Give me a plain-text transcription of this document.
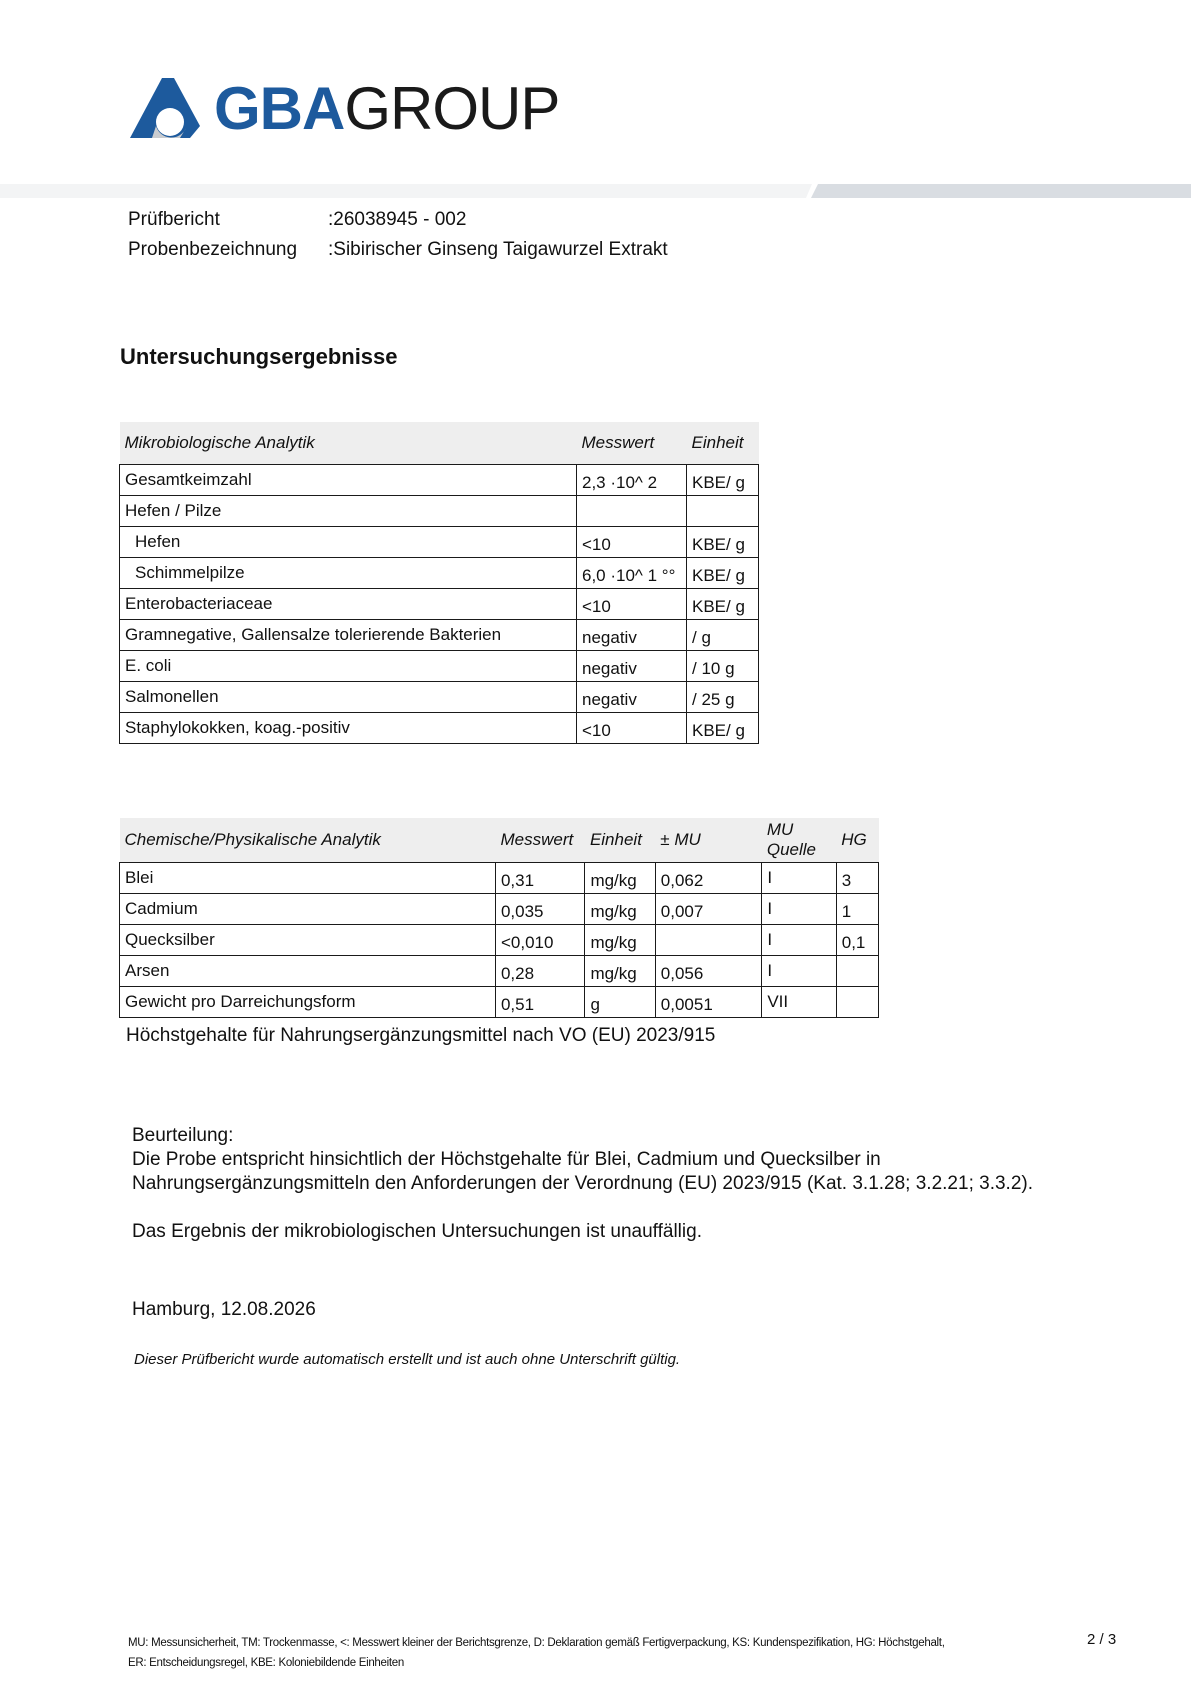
GBAGROUP
Prüfbericht	:26038945 - 002
Probenbezeichnung :Sibirischer Ginseng Taigawurzel Extrakt
Untersuchungsergebnisse
Mikrobiologische Analytik	Messwert	Einheit
Gesamtkeimzahl	2,3 ·10^ 2	KBE/ g
Hefen / Pilze		
Hefen	<10	KBE/ g
Schimmelpilze	6,0 ·10^ 1 °°	KBE/ g
Enterobacteriaceae	<10	KBE/ g
Gramnegative, Gallensalze tolerierende Bakterien	negativ	/ g
E. coli	negativ	/ 10 g
Salmonellen	negativ	/ 25 g
Staphylokokken, koag.-positiv	<10	KBE/ g
Chemische/Physikalische Analytik	Messwert	Einheit	± MU	MU
Quelle	HG
Blei	0,31	mg/kg	0,062	I	3
Cadmium	0,035	mg/kg	0,007	I	1
Quecksilber	<0,010	mg/kg		I	0,1
Arsen	0,28	mg/kg	0,056	I	
Gewicht pro Darreichungsform	0,51	g	0,0051	VII	
Höchstgehalte für Nahrungsergänzungsmittel nach VO (EU) 2023/915
Beurteilung:
Die Probe entspricht hinsichtlich der Höchstgehalte für Blei, Cadmium und Quecksilber in
Nahrungsergänzungsmitteln den Anforderungen der Verordnung (EU) 2023/915 (Kat. 3.1.28; 3.2.21; 3.3.2).
Das Ergebnis der mikrobiologischen Untersuchungen ist unauffällig.
Hamburg, 12.08.2026
Dieser Prüfbericht wurde automatisch erstellt und ist auch ohne Unterschrift gültig.
MU: Messunsicherheit, TM: Trockenmasse, <: Messwert kleiner der Berichtsgrenze, D: Deklaration gemäß Fertigverpackung, KS: Kundenspezifikation, HG: Höchstgehalt,
ER: Entscheidungsregel, KBE: Koloniebildende Einheiten
2 / 3
